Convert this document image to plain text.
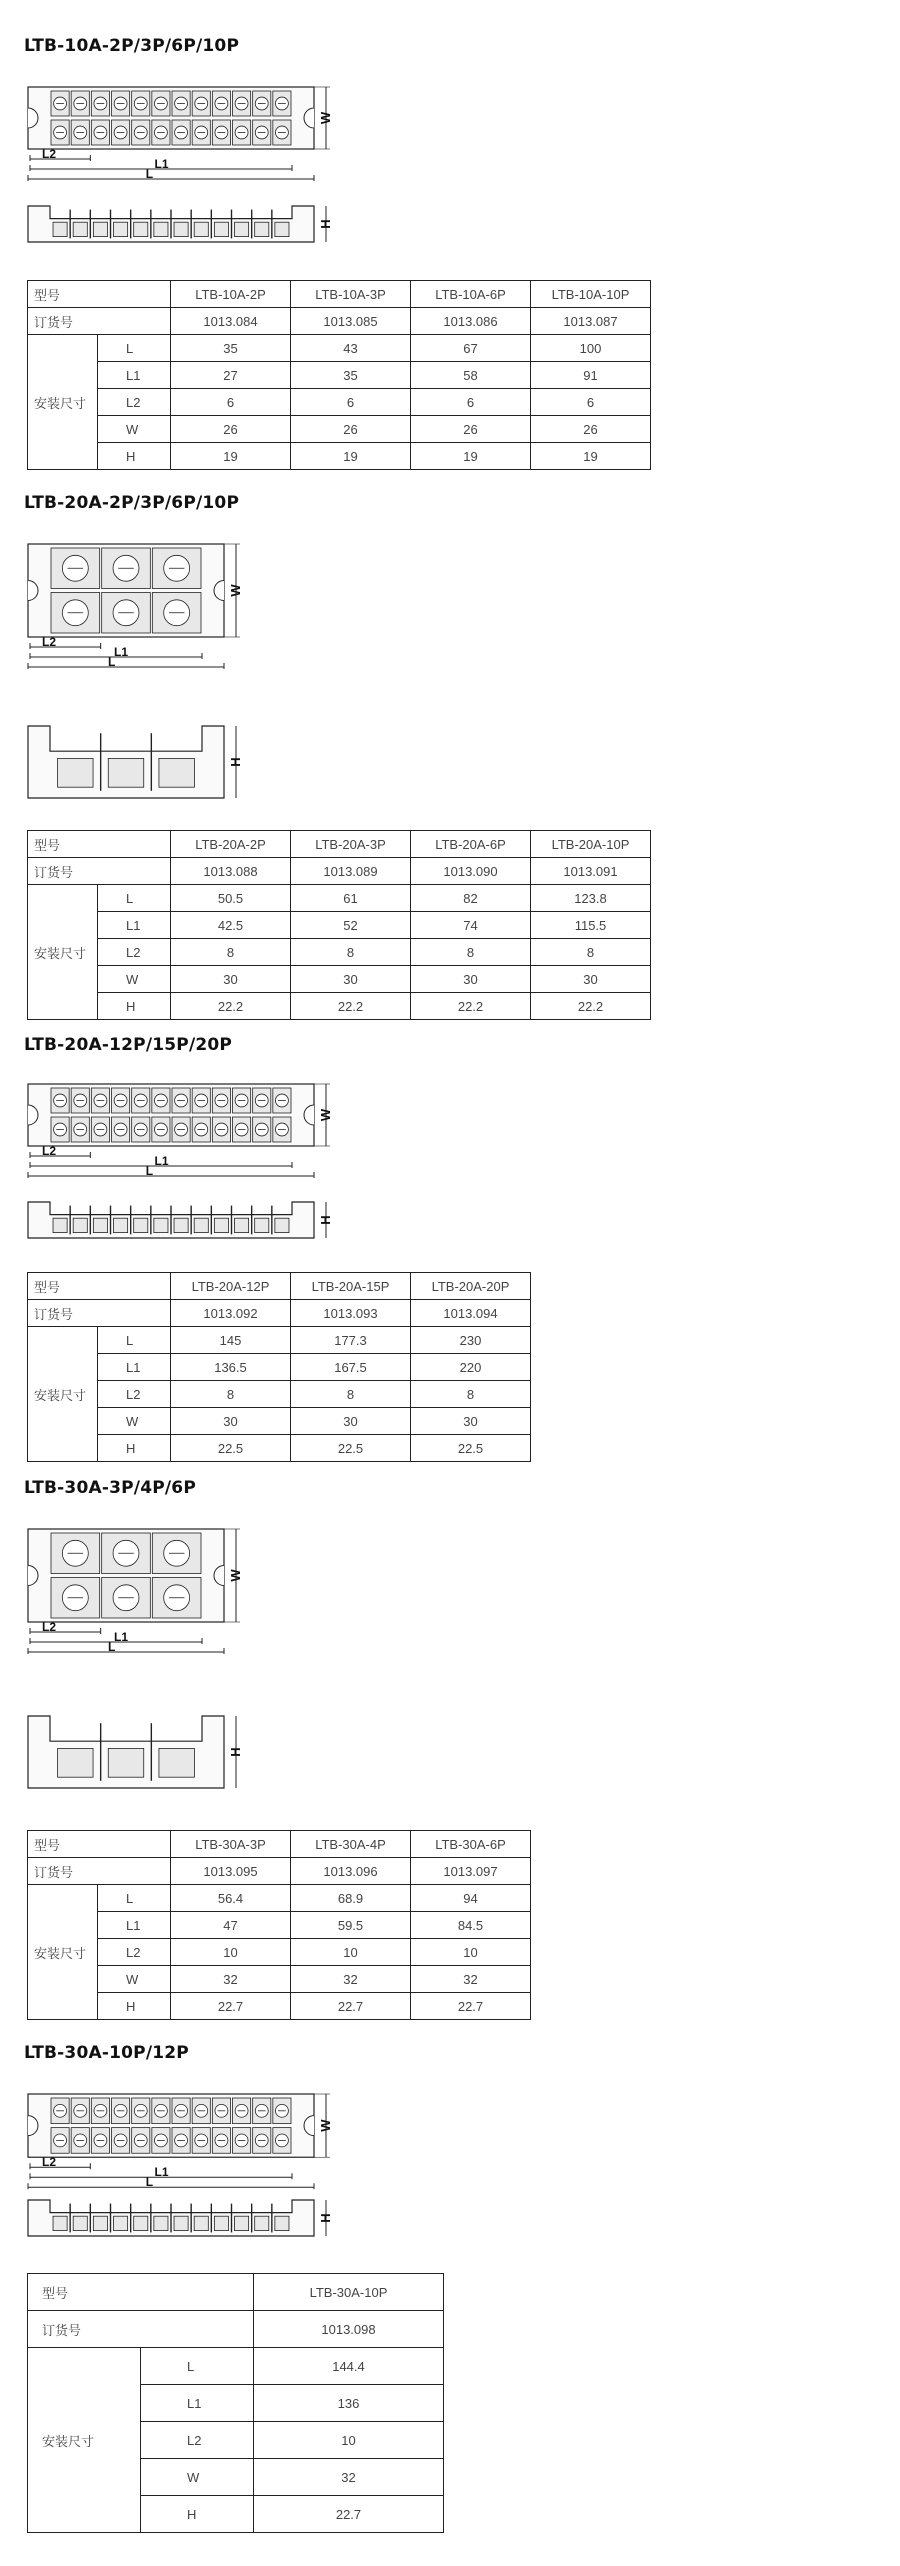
LTB-10A-2P/3P/6P/10P
W
L2
L1
L
H
型号		LTB-10A-2P	LTB-10A-3P	LTB-10A-6P	LTB-10A-10P
订货号		1013.084	1013.085	1013.086	1013.087
安装尺寸	L	35	43	67	100
	L1	27	35	58	91
	L2	6	6	6	6
	W	26	26	26	26
	H	19	19	19	19
LTB-20A-2P/3P/6P/10P
W
L2
L1
L
H
型号		LTB-20A-2P	LTB-20A-3P	LTB-20A-6P	LTB-20A-10P
订货号		1013.088	1013.089	1013.090	1013.091
安装尺寸	L	50.5	61	82	123.8
	L1	42.5	52	74	115.5
	L2	8	8	8	8
	W	30	30	30	30
	H	22.2	22.2	22.2	22.2
LTB-20A-12P/15P/20P
W
L2
L1
L
H
型号		LTB-20A-12P	LTB-20A-15P	LTB-20A-20P
订货号		1013.092	1013.093	1013.094
安装尺寸	L	145	177.3	230
	L1	136.5	167.5	220
	L2	8	8	8
	W	30	30	30
	H	22.5	22.5	22.5
LTB-30A-3P/4P/6P
W
L2
L1
L
H
型号		LTB-30A-3P	LTB-30A-4P	LTB-30A-6P
订货号		1013.095	1013.096	1013.097
安装尺寸	L	56.4	68.9	94
	L1	47	59.5	84.5
	L2	10	10	10
	W	32	32	32
	H	22.7	22.7	22.7
LTB-30A-10P/12P
W
L2
L1
L
H
型号		LTB-30A-10P
订货号		1013.098
安装尺寸	L	144.4
	L1	136
	L2	10
	W	32
	H	22.7
